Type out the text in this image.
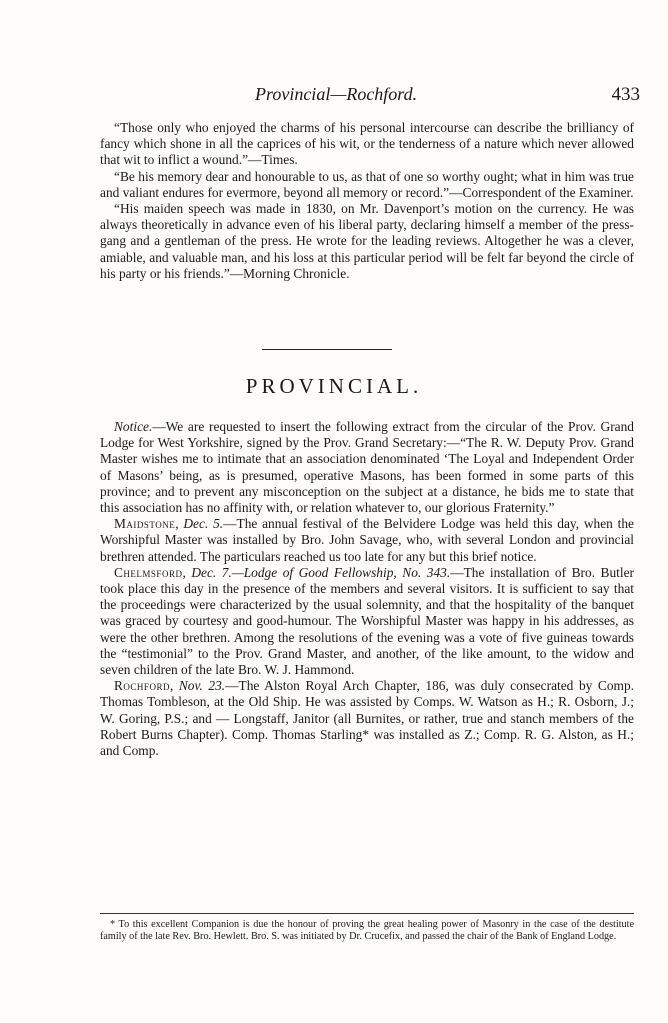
Provincial—Rochford.	433

“Those only who enjoyed the charms of his personal intercourse can describe the brilliancy of fancy which shone in all the caprices of his wit, or the tenderness of a nature which never allowed that wit to inflict a wound.”—Times.

“Be his memory dear and honourable to us, as that of one so worthy ought; what in him was true and valiant endures for evermore, beyond all memory or record.”—Correspondent of the Examiner.

“His maiden speech was made in 1830, on Mr. Davenport’s motion on the currency. He was always theoretically in advance even of his liberal party, declaring himself a member of the press-gang and a gentleman of the press. He wrote for the leading reviews. Altogether he was a clever, amiable, and valuable man, and his loss at this particular period will be felt far beyond the circle of his party or his friends.”—Morning Chronicle.

PROVINCIAL.

Notice.—We are requested to insert the following extract from the circular of the Prov. Grand Lodge for West Yorkshire, signed by the Prov. Grand Secretary:—“The R. W. Deputy Prov. Grand Master wishes me to intimate that an association denominated ‘The Loyal and Independent Order of Masons’ being, as is presumed, operative Masons, has been formed in some parts of this province; and to prevent any misconception on the subject at a distance, he bids me to state that this association has no affinity with, or relation whatever to, our glorious Fraternity.”

Maidstone, Dec. 5.—The annual festival of the Belvidere Lodge was held this day, when the Worshipful Master was installed by Bro. John Savage, who, with several London and provincial brethren attended. The particulars reached us too late for any but this brief notice.

Chelmsford, Dec. 7.—Lodge of Good Fellowship, No. 343.—The installation of Bro. Butler took place this day in the presence of the members and several visitors. It is sufficient to say that the proceedings were characterized by the usual solemnity, and that the hospitality of the banquet was graced by courtesy and good-humour. The Worshipful Master was happy in his addresses, as were the other brethren. Among the resolutions of the evening was a vote of five guineas towards the “testimonial” to the Prov. Grand Master, and another, of the like amount, to the widow and seven children of the late Bro. W. J. Hammond.

Rochford, Nov. 23.—The Alston Royal Arch Chapter, 186, was duly consecrated by Comp. Thomas Tombleson, at the Old Ship. He was assisted by Comps. W. Watson as H.; R. Osborn, J.; W. Goring, P.S.; and — Longstaff, Janitor (all Burnites, or rather, true and stanch members of the Robert Burns Chapter). Comp. Thomas Starling* was installed as Z.; Comp. R. G. Alston, as H.; and Comp.

* To this excellent Companion is due the honour of proving the great healing power of Masonry in the case of the destitute family of the late Rev. Bro. Hewlett. Bro. S. was initiated by Dr. Crucefix, and passed the chair of the Bank of England Lodge.
